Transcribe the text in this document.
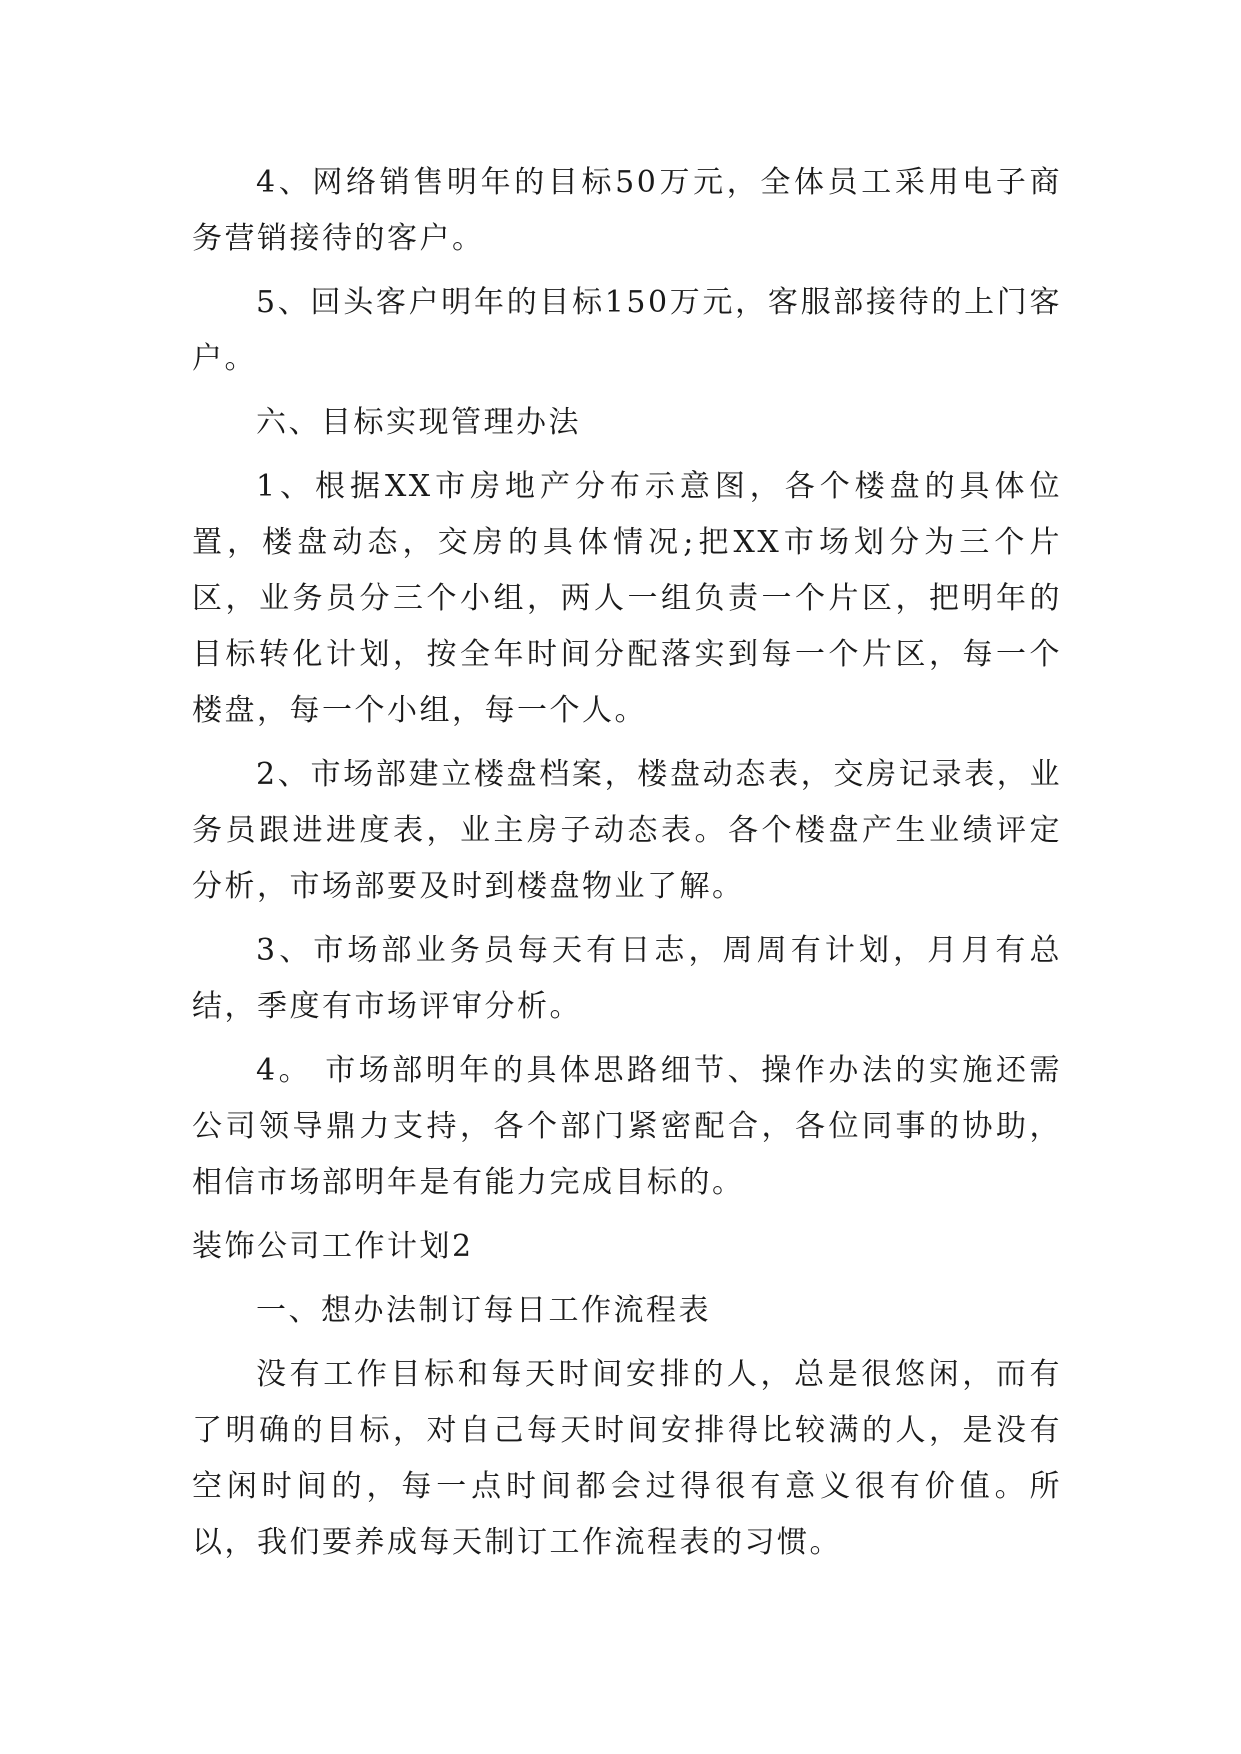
4、网络销售明年的目标50万元，全体员工采用电子商务营销接待的客户。

5、回头客户明年的目标150万元，客服部接待的上门客户。

六、目标实现管理办法

1、根据XX市房地产分布示意图，各个楼盘的具体位置，楼盘动态，交房的具体情况;把XX市场划分为三个片区，业务员分三个小组，两人一组负责一个片区，把明年的目标转化计划，按全年时间分配落实到每一个片区，每一个楼盘，每一个小组，每一个人。

2、市场部建立楼盘档案，楼盘动态表，交房记录表，业务员跟进进度表，业主房子动态表。各个楼盘产生业绩评定分析，市场部要及时到楼盘物业了解。

3、市场部业务员每天有日志，周周有计划，月月有总结，季度有市场评审分析。

4。 市场部明年的具体思路细节、操作办法的实施还需公司领导鼎力支持，各个部门紧密配合，各位同事的协助，相信市场部明年是有能力完成目标的。

装饰公司工作计划2

一、想办法制订每日工作流程表

没有工作目标和每天时间安排的人，总是很悠闲，而有了明确的目标，对自己每天时间安排得比较满的人，是没有空闲时间的，每一点时间都会过得很有意义很有价值。所以，我们要养成每天制订工作流程表的习惯。
